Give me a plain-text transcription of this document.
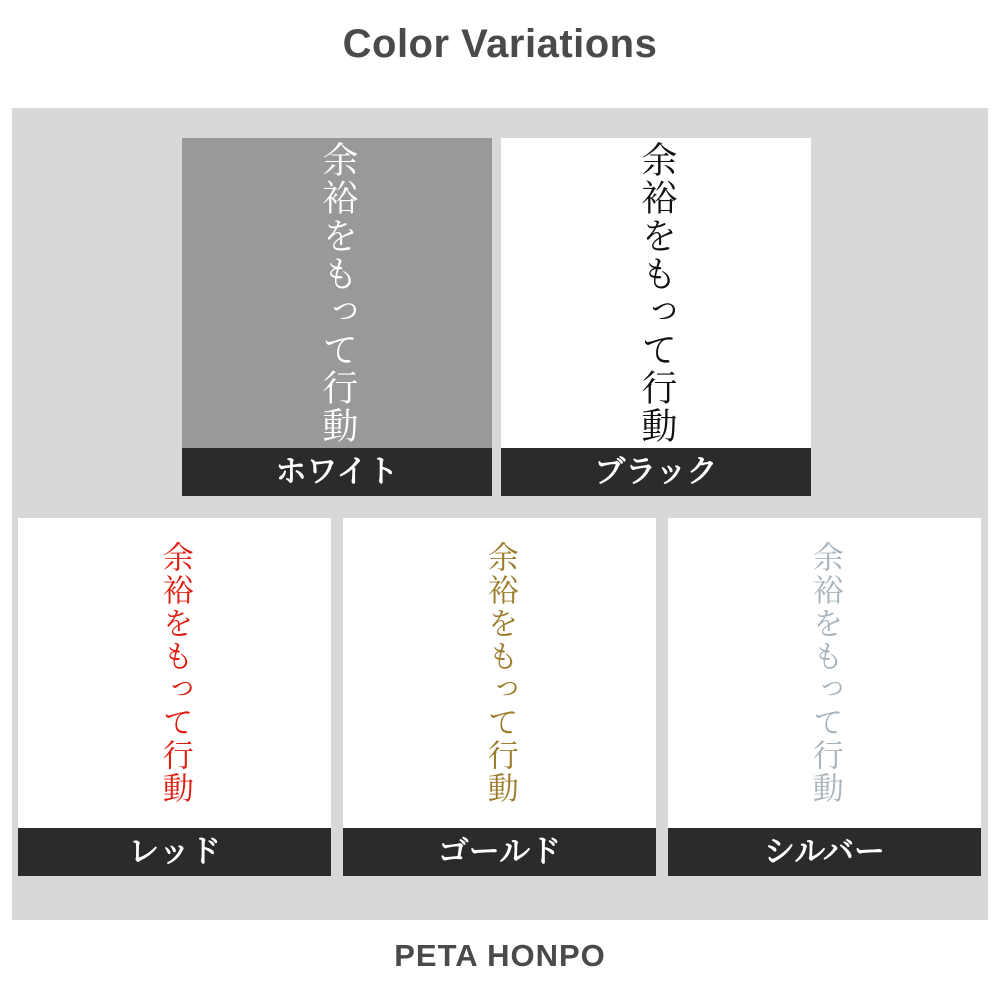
Color Variations
余裕をもって行動
ホワイト
余裕をもって行動
ブラック
余裕をもって行動
レッド
余裕をもって行動
ゴールド
余裕をもって行動
シルバー
PETA HONPO
